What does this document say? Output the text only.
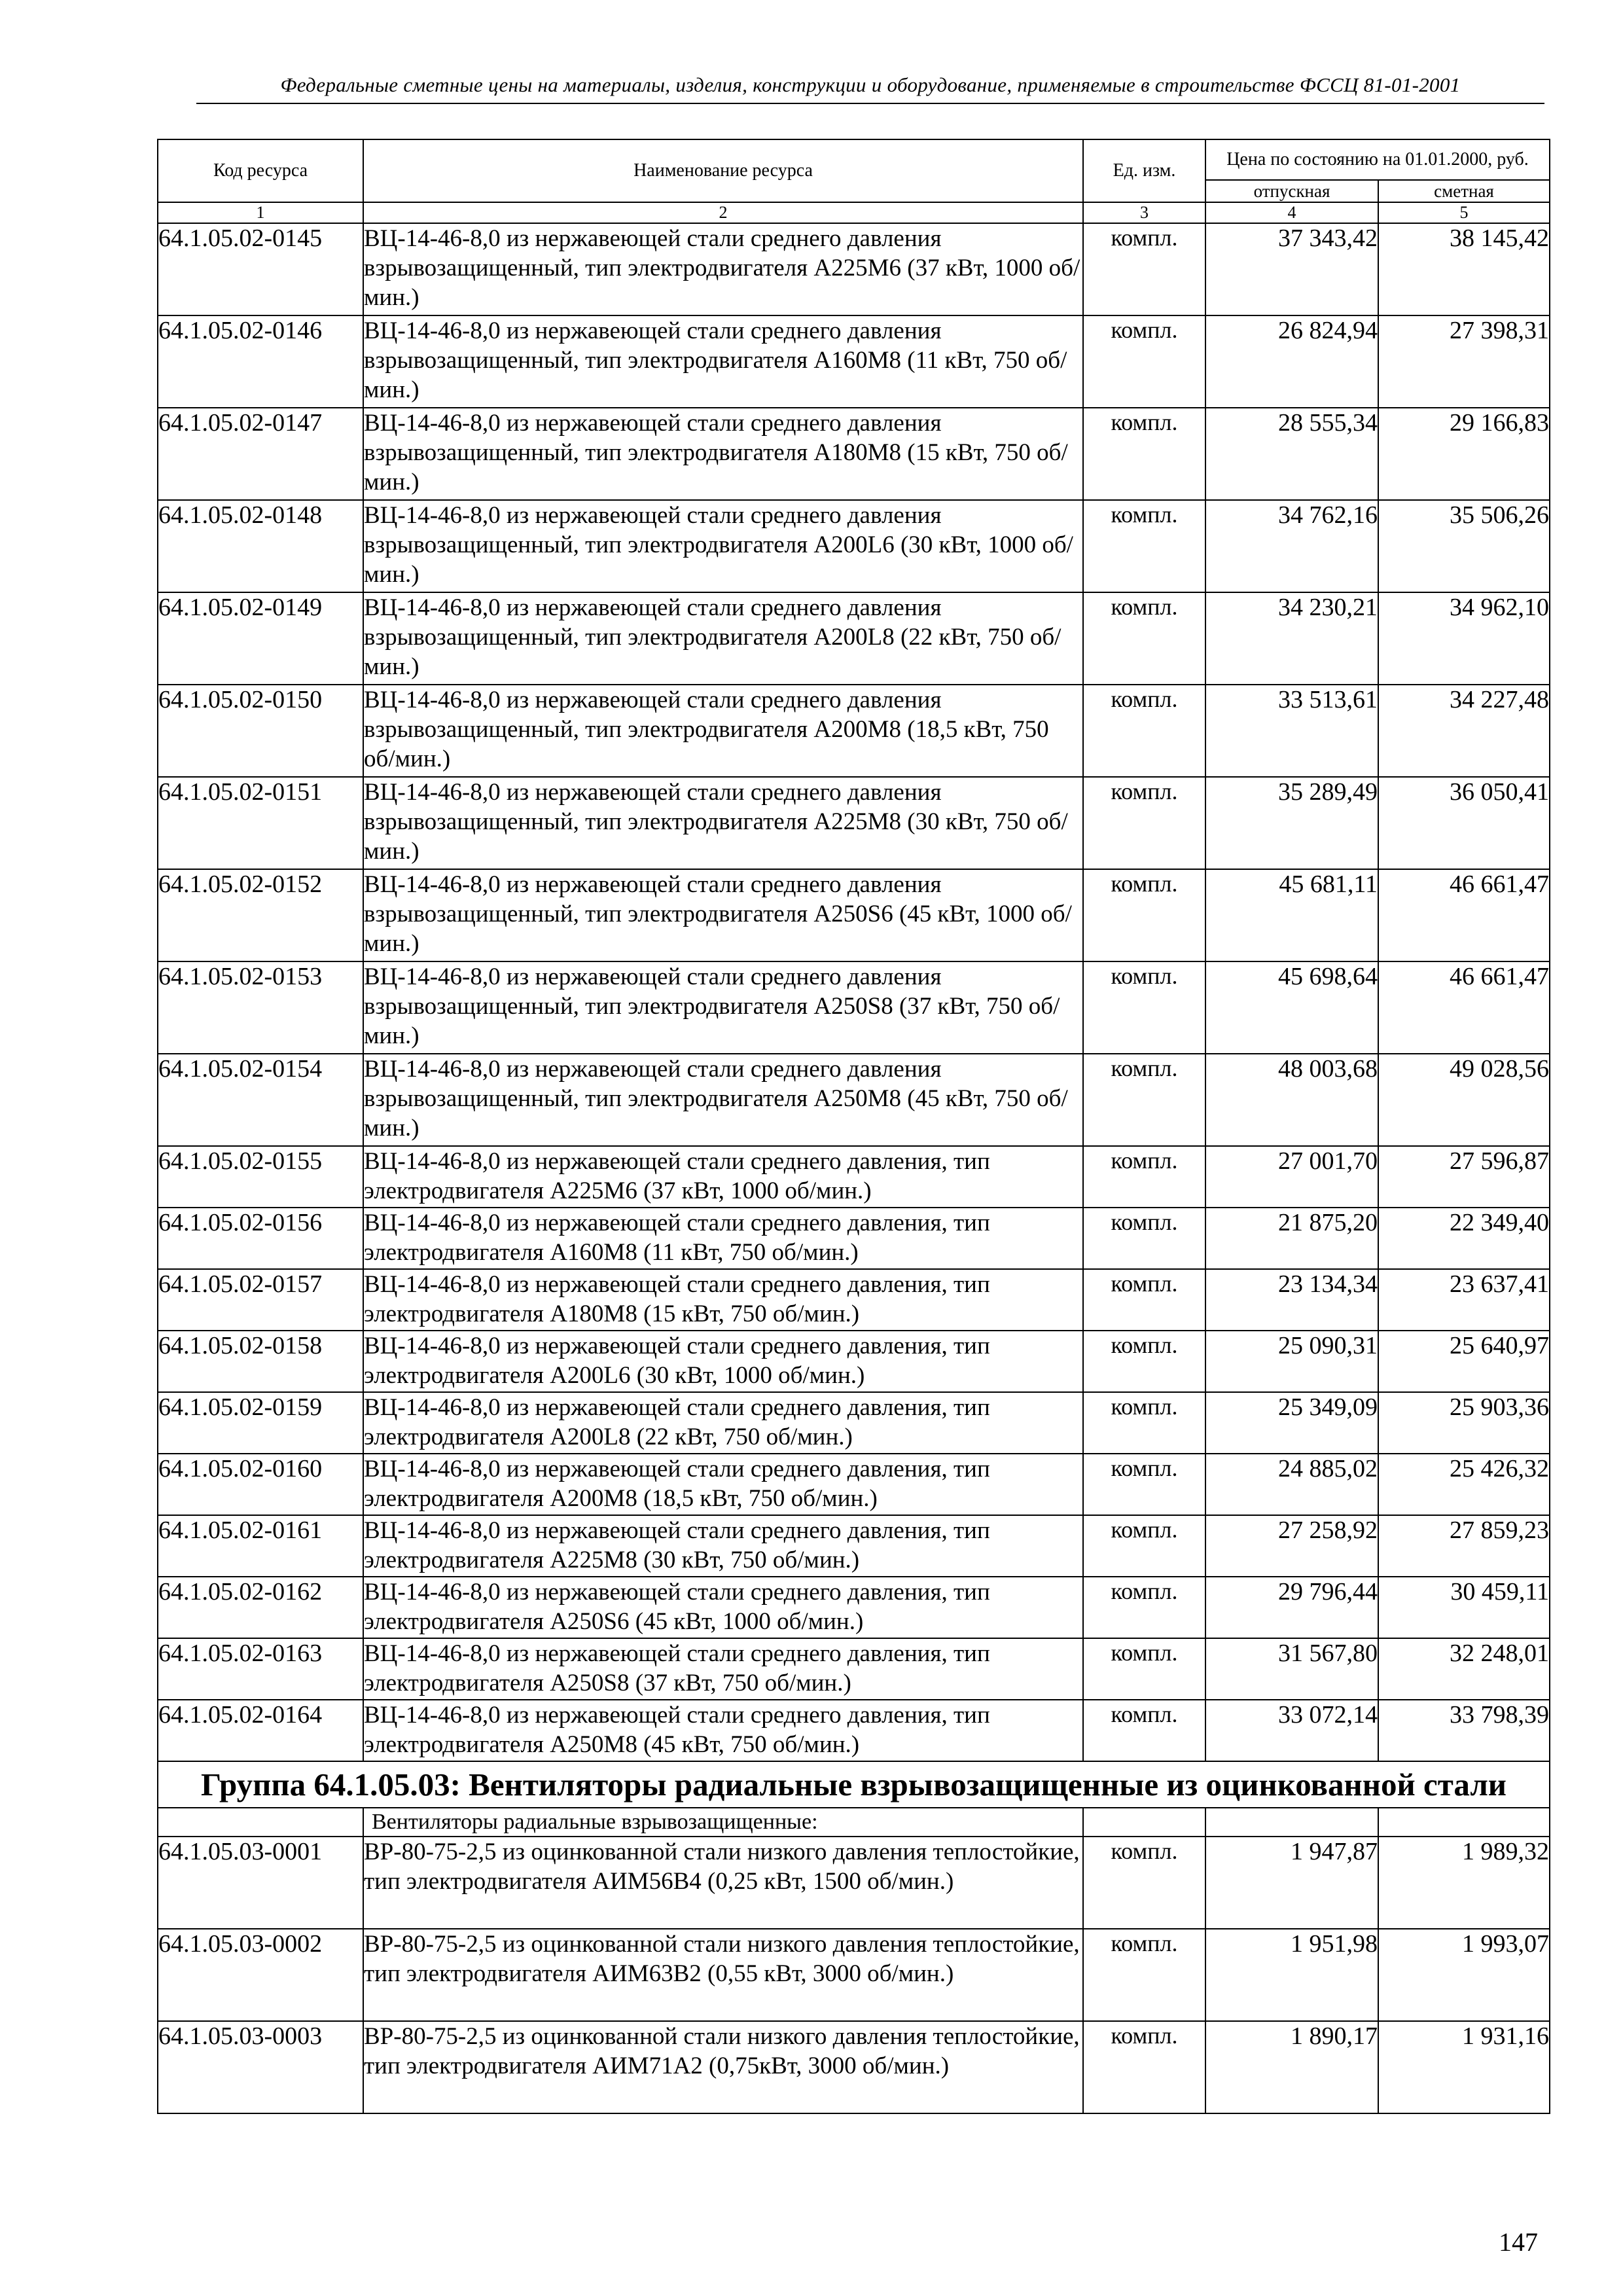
Федеральные сметные цены на материалы, изделия, конструкции и оборудование, применяемые в строительстве ФССЦ 81-01-2001
Код ресурса	Наименование ресурса	Ед. изм.	Цена по состоянию на 01.01.2000, руб.	
			отпускная	сметная
1	2	3	4	5
64.1.05.02-0145	ВЦ-14-46-8,0 из нержавеющей стали среднего давления взрывозащищенный, тип электродвигателя А225М6 (37 кВт, 1000 об/мин.)	компл.	37 343,42	38 145,42
64.1.05.02-0146	ВЦ-14-46-8,0 из нержавеющей стали среднего давления взрывозащищенный, тип электродвигателя А160М8 (11 кВт, 750 об/мин.)	компл.	26 824,94	27 398,31
64.1.05.02-0147	ВЦ-14-46-8,0 из нержавеющей стали среднего давления взрывозащищенный, тип электродвигателя А180М8 (15 кВт, 750 об/мин.)	компл.	28 555,34	29 166,83
64.1.05.02-0148	ВЦ-14-46-8,0 из нержавеющей стали среднего давления взрывозащищенный, тип электродвигателя А200L6 (30 кВт, 1000 об/мин.)	компл.	34 762,16	35 506,26
64.1.05.02-0149	ВЦ-14-46-8,0 из нержавеющей стали среднего давления взрывозащищенный, тип электродвигателя А200L8 (22 кВт, 750 об/мин.)	компл.	34 230,21	34 962,10
64.1.05.02-0150	ВЦ-14-46-8,0 из нержавеющей стали среднего давления взрывозащищенный, тип электродвигателя А200М8 (18,5 кВт, 750 об/мин.)	компл.	33 513,61	34 227,48
64.1.05.02-0151	ВЦ-14-46-8,0 из нержавеющей стали среднего давления взрывозащищенный, тип электродвигателя А225М8 (30 кВт, 750 об/мин.)	компл.	35 289,49	36 050,41
64.1.05.02-0152	ВЦ-14-46-8,0 из нержавеющей стали среднего давления взрывозащищенный, тип электродвигателя А250S6 (45 кВт, 1000 об/мин.)	компл.	45 681,11	46 661,47
64.1.05.02-0153	ВЦ-14-46-8,0 из нержавеющей стали среднего давления взрывозащищенный, тип электродвигателя А250S8 (37 кВт, 750 об/мин.)	компл.	45 698,64	46 661,47
64.1.05.02-0154	ВЦ-14-46-8,0 из нержавеющей стали среднего давления взрывозащищенный, тип электродвигателя А250М8 (45 кВт, 750 об/мин.)	компл.	48 003,68	49 028,56
64.1.05.02-0155	ВЦ-14-46-8,0 из нержавеющей стали среднего давления, тип электродвигателя А225М6 (37 кВт, 1000 об/мин.)	компл.	27 001,70	27 596,87
64.1.05.02-0156	ВЦ-14-46-8,0 из нержавеющей стали среднего давления, тип электродвигателя А160М8 (11 кВт, 750 об/мин.)	компл.	21 875,20	22 349,40
64.1.05.02-0157	ВЦ-14-46-8,0 из нержавеющей стали среднего давления, тип электродвигателя А180М8 (15 кВт, 750 об/мин.)	компл.	23 134,34	23 637,41
64.1.05.02-0158	ВЦ-14-46-8,0 из нержавеющей стали среднего давления, тип электродвигателя А200L6 (30 кВт, 1000 об/мин.)	компл.	25 090,31	25 640,97
64.1.05.02-0159	ВЦ-14-46-8,0 из нержавеющей стали среднего давления, тип электродвигателя А200L8 (22 кВт, 750 об/мин.)	компл.	25 349,09	25 903,36
64.1.05.02-0160	ВЦ-14-46-8,0 из нержавеющей стали среднего давления, тип электродвигателя А200М8 (18,5 кВт, 750 об/мин.)	компл.	24 885,02	25 426,32
64.1.05.02-0161	ВЦ-14-46-8,0 из нержавеющей стали среднего давления, тип электродвигателя А225М8 (30 кВт, 750 об/мин.)	компл.	27 258,92	27 859,23
64.1.05.02-0162	ВЦ-14-46-8,0 из нержавеющей стали среднего давления, тип электродвигателя А250S6 (45 кВт, 1000 об/мин.)	компл.	29 796,44	30 459,11
64.1.05.02-0163	ВЦ-14-46-8,0 из нержавеющей стали среднего давления, тип электродвигателя А250S8 (37 кВт, 750 об/мин.)	компл.	31 567,80	32 248,01
64.1.05.02-0164	ВЦ-14-46-8,0 из нержавеющей стали среднего давления, тип электродвигателя А250М8 (45 кВт, 750 об/мин.)	компл.	33 072,14	33 798,39
Группа 64.1.05.03: Вентиляторы радиальные взрывозащищенные из оцинкованной стали				
	Вентиляторы радиальные взрывозащищенные:			
64.1.05.03-0001	ВР-80-75-2,5 из оцинкованной стали низкого давления теплостойкие, тип электродвигателя АИМ56В4 (0,25 кВт, 1500 об/мин.)	компл.	1 947,87	1 989,32
64.1.05.03-0002	ВР-80-75-2,5 из оцинкованной стали низкого давления теплостойкие, тип электродвигателя АИМ63В2 (0,55 кВт, 3000 об/мин.)	компл.	1 951,98	1 993,07
64.1.05.03-0003	ВР-80-75-2,5 из оцинкованной стали низкого давления теплостойкие, тип электродвигателя АИМ71А2 (0,75кВт, 3000 об/мин.)	компл.	1 890,17	1 931,16
147
